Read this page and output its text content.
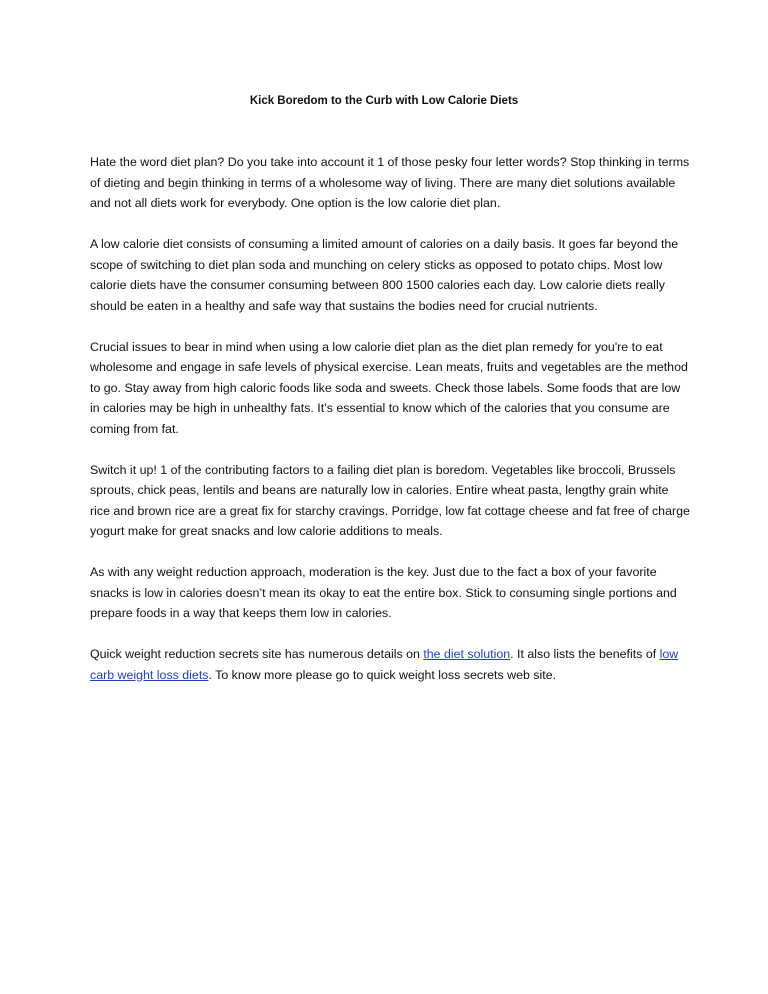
Kick Boredom to the Curb with Low Calorie Diets

Hate the word diet plan? Do you take into account it 1 of those pesky four letter words? Stop thinking in terms of dieting and begin thinking in terms of a wholesome way of living. There are many diet solutions available and not all diets work for everybody. One option is the low calorie diet plan.

A low calorie diet consists of consuming a limited amount of calories on a daily basis. It goes far beyond the scope of switching to diet plan soda and munching on celery sticks as opposed to potato chips. Most low calorie diets have the consumer consuming between 800 1500 calories each day. Low calorie diets really should be eaten in a healthy and safe way that sustains the bodies need for crucial nutrients.

Crucial issues to bear in mind when using a low calorie diet plan as the diet plan remedy for you're to eat wholesome and engage in safe levels of physical exercise. Lean meats, fruits and vegetables are the method to go. Stay away from high caloric foods like soda and sweets. Check those labels. Some foods that are low in calories may be high in unhealthy fats. It’s essential to know which of the calories that you consume are coming from fat.

Switch it up! 1 of the contributing factors to a failing diet plan is boredom. Vegetables like broccoli, Brussels sprouts, chick peas, lentils and beans are naturally low in calories. Entire wheat pasta, lengthy grain white rice and brown rice are a great fix for starchy cravings. Porridge, low fat cottage cheese and fat free of charge yogurt make for great snacks and low calorie additions to meals.

As with any weight reduction approach, moderation is the key. Just due to the fact a box of your favorite snacks is low in calories doesn’t mean its okay to eat the entire box. Stick to consuming single portions and prepare foods in a way that keeps them low in calories.

Quick weight reduction secrets site has numerous details on the diet solution. It also lists the benefits of low carb weight loss diets. To know more please go to quick weight loss secrets web site.
